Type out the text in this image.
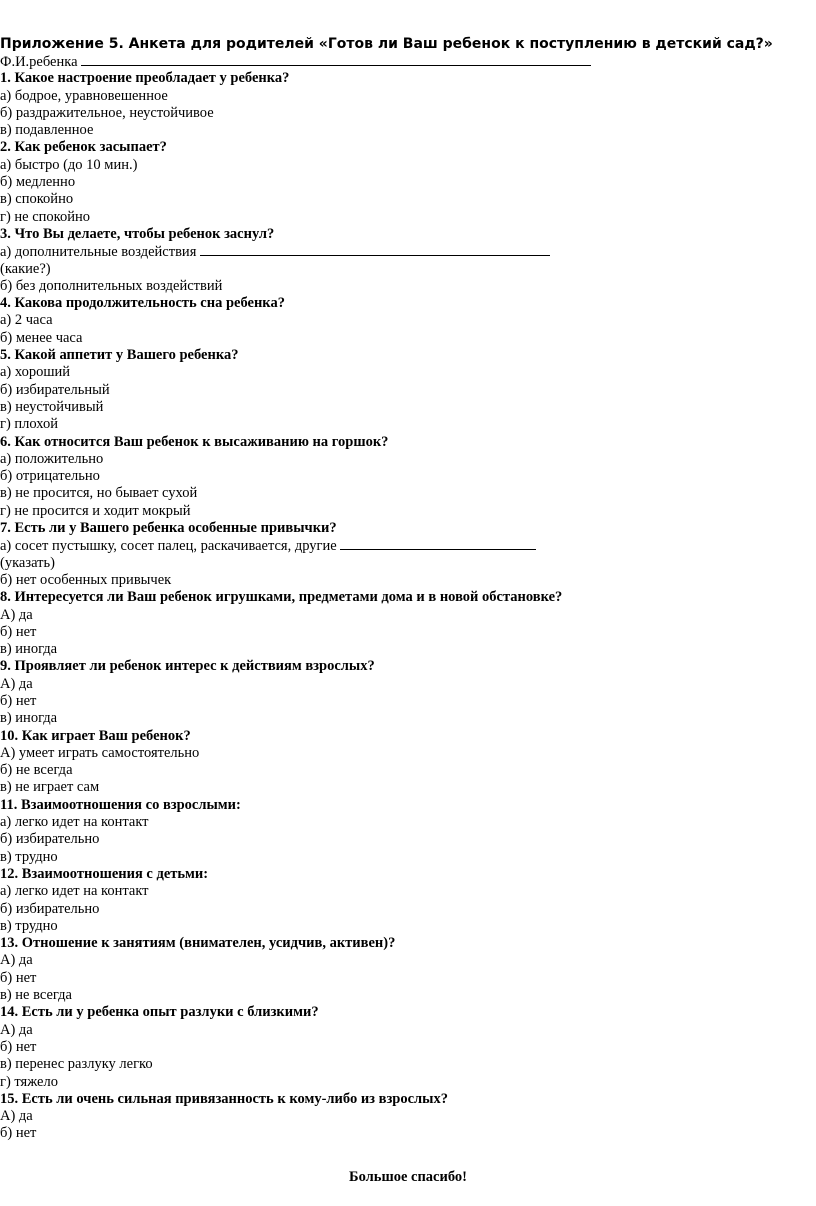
Приложение 5. Анкета для родителей «Готов ли Ваш ребенок к поступлению в детский сад?»
Ф.И.ребенка
1. Какое настроение преобладает у ребенка?
а) бодрое, уравновешенное
б) раздражительное, неустойчивое
в) подавленное
2. Как ребенок засыпает?
а) быстро (до 10 мин.)
б) медленно
в) спокойно
г) не спокойно
3. Что Вы делаете, чтобы ребенок заснул?
а) дополнительные воздействия
(какие?)
б) без дополнительных воздействий
4. Какова продолжительность сна ребенка?
а) 2 часа
б) менее часа
5. Какой аппетит у Вашего ребенка?
а) хороший
б) избирательный
в) неустойчивый
г) плохой
6. Как относится Ваш ребенок к высаживанию на горшок?
а) положительно
б) отрицательно
в) не просится, но бывает сухой
г) не просится и ходит мокрый
7. Есть ли у Вашего ребенка особенные привычки?
а) сосет пустышку, сосет палец, раскачивается, другие
(указать)
б) нет особенных привычек
8. Интересуется ли Ваш ребенок игрушками, предметами дома и в новой обстановке?
А) да
б) нет
в) иногда
9. Проявляет ли ребенок интерес к действиям взрослых?
А) да
б) нет
в) иногда
10. Как играет Ваш ребенок?
А) умеет играть самостоятельно
б) не всегда
в) не играет сам
11. Взаимоотношения со взрослыми:
а) легко идет на контакт
б) избирательно
в) трудно
12. Взаимоотношения с детьми:
а) легко идет на контакт
б) избирательно
в) трудно
13. Отношение к занятиям (внимателен, усидчив, активен)?
А) да
б) нет
в) не всегда
14. Есть ли у ребенка опыт разлуки с близкими?
А) да
б) нет
в) перенес разлуку легко
г) тяжело
15. Есть ли очень сильная привязанность к кому-либо из взрослых?
А) да
б) нет
Большое спасибо!
